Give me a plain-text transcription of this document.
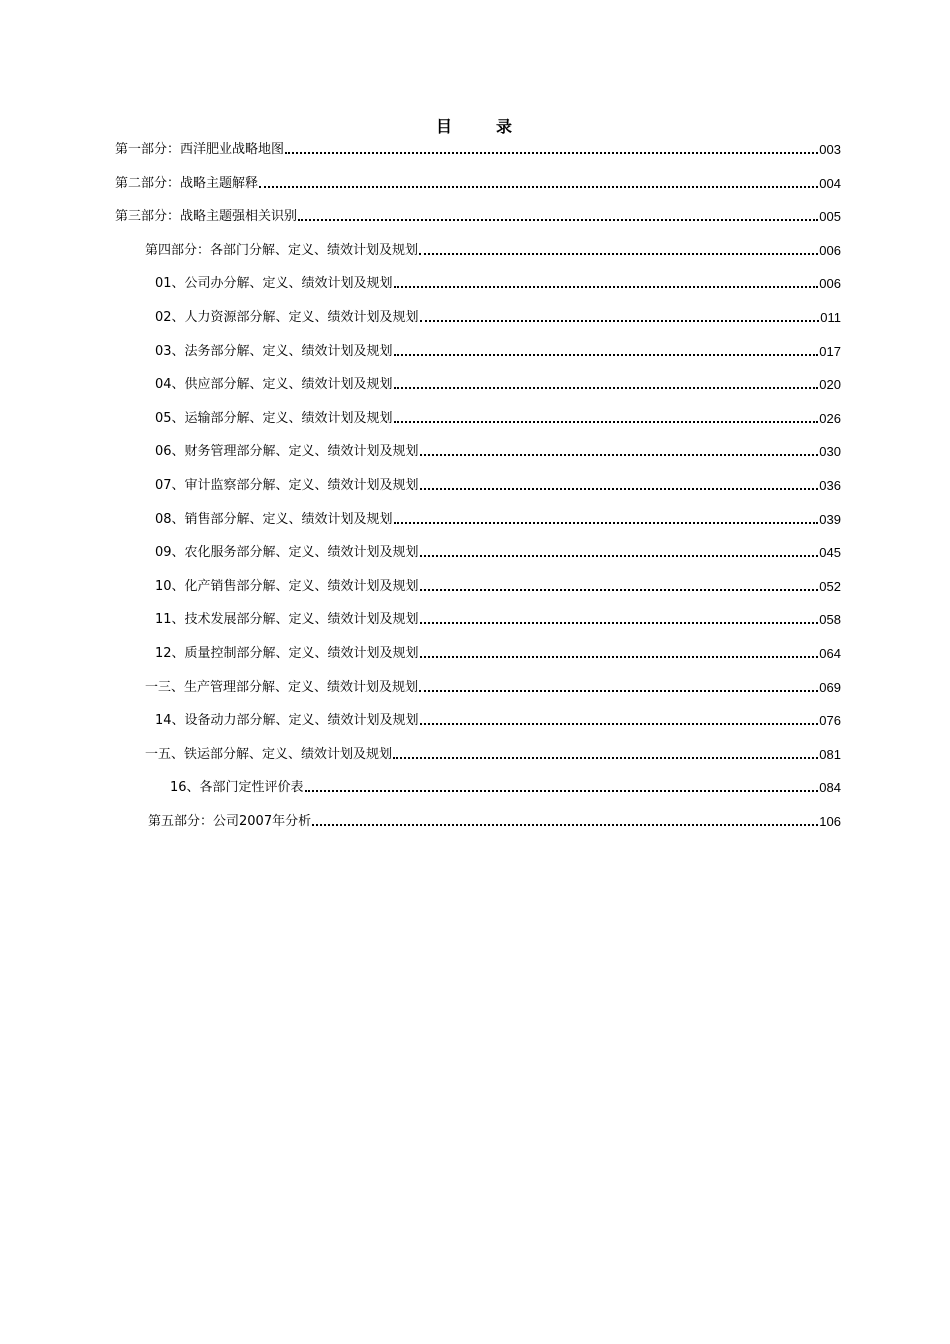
目　录
第一部分：西洋肥业战略地图	003
第二部分：战略主题解释	004
第三部分：战略主题强相关识别	005
第四部分：各部门分解、定义、绩效计划及规划	006
01、公司办分解、定义、绩效计划及规划	006
02、人力资源部分解、定义、绩效计划及规划	011
03、法务部分解、定义、绩效计划及规划	017
04、供应部分解、定义、绩效计划及规划	020
05、运输部分解、定义、绩效计划及规划	026
06、财务管理部分解、定义、绩效计划及规划	030
07、审计监察部分解、定义、绩效计划及规划	036
08、销售部分解、定义、绩效计划及规划	039
09、农化服务部分解、定义、绩效计划及规划	045
10、化产销售部分解、定义、绩效计划及规划	052
11、技术发展部分解、定义、绩效计划及规划	058
12、质量控制部分解、定义、绩效计划及规划	064
一三、生产管理部分解、定义、绩效计划及规划	069
14、设备动力部分解、定义、绩效计划及规划	076
一五、铁运部分解、定义、绩效计划及规划	081
16、各部门定性评价表	084
第五部分：公司2007年分析	106
